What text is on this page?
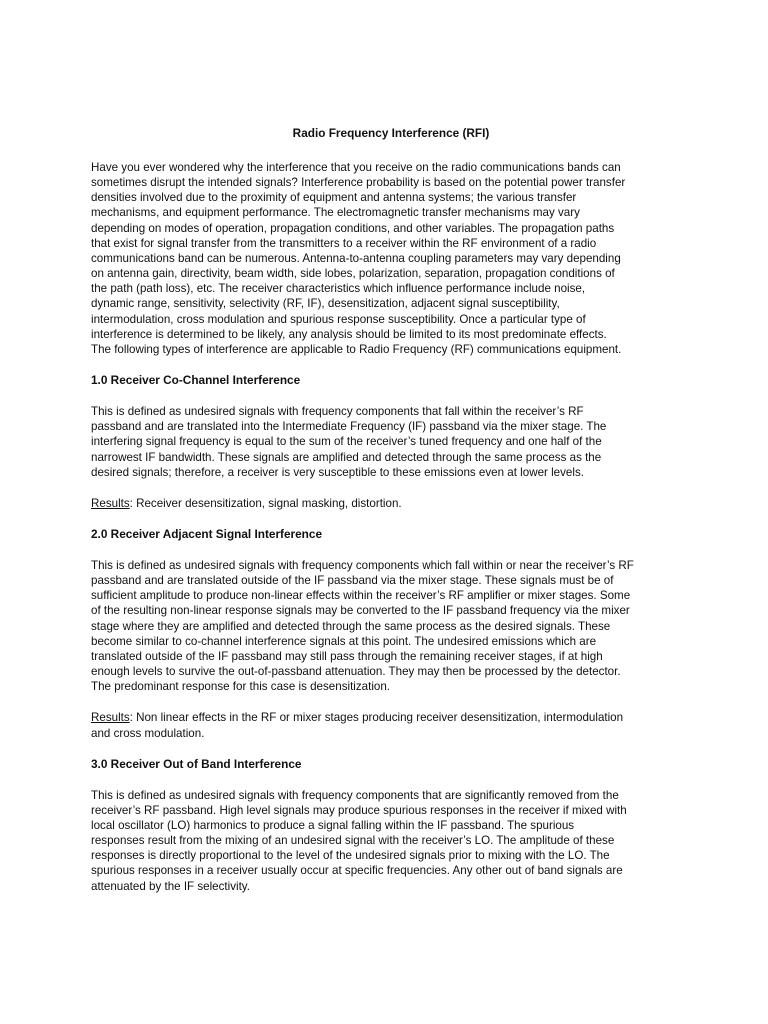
Radio Frequency Interference (RFI)
Have you ever wondered why the interference that you receive on the radio communications bands can
sometimes disrupt the intended signals? Interference probability is based on the potential power transfer
densities involved due to the proximity of equipment and antenna systems; the various transfer
mechanisms, and equipment performance. The electromagnetic transfer mechanisms may vary
depending on modes of operation, propagation conditions, and other variables. The propagation paths
that exist for signal transfer from the transmitters to a receiver within the RF environment of a radio
communications band can be numerous. Antenna-to-antenna coupling parameters may vary depending
on antenna gain, directivity, beam width, side lobes, polarization, separation, propagation conditions of
the path (path loss), etc. The receiver characteristics which influence performance include noise,
dynamic range, sensitivity, selectivity (RF, IF), desensitization, adjacent signal susceptibility,
intermodulation, cross modulation and spurious response susceptibility. Once a particular type of
interference is determined to be likely, any analysis should be limited to its most predominate effects.
The following types of interference are applicable to Radio Frequency (RF) communications equipment.
1.0 Receiver Co-Channel Interference
This is defined as undesired signals with frequency components that fall within the receiver’s RF
passband and are translated into the Intermediate Frequency (IF) passband via the mixer stage. The
interfering signal frequency is equal to the sum of the receiver’s tuned frequency and one half of the
narrowest IF bandwidth. These signals are amplified and detected through the same process as the
desired signals; therefore, a receiver is very susceptible to these emissions even at lower levels.
Results: Receiver desensitization, signal masking, distortion.
2.0 Receiver Adjacent Signal Interference
This is defined as undesired signals with frequency components which fall within or near the receiver’s RF
passband and are translated outside of the IF passband via the mixer stage. These signals must be of
sufficient amplitude to produce non-linear effects within the receiver’s RF amplifier or mixer stages. Some
of the resulting non-linear response signals may be converted to the IF passband frequency via the mixer
stage where they are amplified and detected through the same process as the desired signals. These
become similar to co-channel interference signals at this point. The undesired emissions which are
translated outside of the IF passband may still pass through the remaining receiver stages, if at high
enough levels to survive the out-of-passband attenuation. They may then be processed by the detector.
The predominant response for this case is desensitization.
Results: Non linear effects in the RF or mixer stages producing receiver desensitization, intermodulation
and cross modulation.
3.0 Receiver Out of Band Interference
This is defined as undesired signals with frequency components that are significantly removed from the
receiver’s RF passband. High level signals may produce spurious responses in the receiver if mixed with
local oscillator (LO) harmonics to produce a signal falling within the IF passband. The spurious
responses result from the mixing of an undesired signal with the receiver’s LO. The amplitude of these
responses is directly proportional to the level of the undesired signals prior to mixing with the LO. The
spurious responses in a receiver usually occur at specific frequencies. Any other out of band signals are
attenuated by the IF selectivity.
